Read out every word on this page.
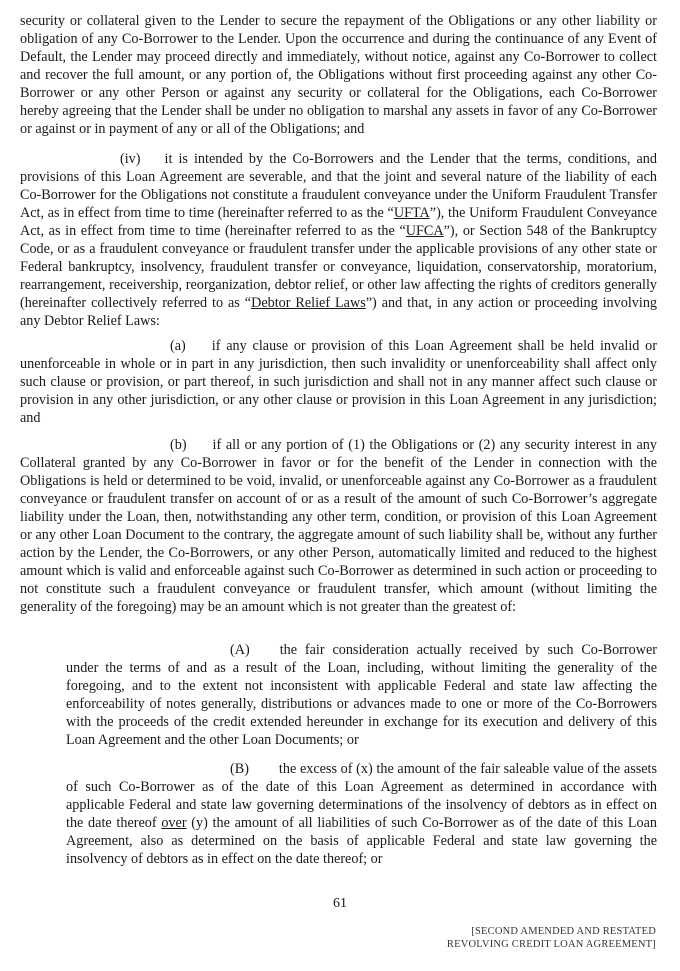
security or collateral given to the Lender to secure the repayment of the Obligations or any other liability or obligation of any Co-Borrower to the Lender. Upon the occurrence and during the continuance of any Event of Default, the Lender may proceed directly and immediately, without notice, against any Co-Borrower to collect and recover the full amount, or any portion of, the Obligations without first proceeding against any other Co-Borrower or any other Person or against any security or collateral for the Obligations, each Co-Borrower hereby agreeing that the Lender shall be under no obligation to marshal any assets in favor of any Co-Borrower or against or in payment of any or all of the Obligations; and

(iv) it is intended by the Co-Borrowers and the Lender that the terms, conditions, and provisions of this Loan Agreement are severable, and that the joint and several nature of the liability of each Co-Borrower for the Obligations not constitute a fraudulent conveyance under the Uniform Fraudulent Transfer Act, as in effect from time to time (hereinafter referred to as the “UFTA”), the Uniform Fraudulent Conveyance Act, as in effect from time to time (hereinafter referred to as the “UFCA”), or Section 548 of the Bankruptcy Code, or as a fraudulent conveyance or fraudulent transfer under the applicable provisions of any other state or Federal bankruptcy, insolvency, fraudulent transfer or conveyance, liquidation, conservatorship, moratorium, rearrangement, receivership, reorganization, debtor relief, or other law affecting the rights of creditors generally (hereinafter collectively referred to as “Debtor Relief Laws”) and that, in any action or proceeding involving any Debtor Relief Laws:

(a) if any clause or provision of this Loan Agreement shall be held invalid or unenforceable in whole or in part in any jurisdiction, then such invalidity or unenforceability shall affect only such clause or provision, or part thereof, in such jurisdiction and shall not in any manner affect such clause or provision in any other jurisdiction, or any other clause or provision in this Loan Agreement in any jurisdiction; and

(b) if all or any portion of (1) the Obligations or (2) any security interest in any Collateral granted by any Co-Borrower in favor or for the benefit of the Lender in connection with the Obligations is held or determined to be void, invalid, or unenforceable against any Co-Borrower as a fraudulent conveyance or fraudulent transfer on account of or as a result of the amount of such Co-Borrower’s aggregate liability under the Loan, then, notwithstanding any other term, condition, or provision of this Loan Agreement or any other Loan Document to the contrary, the aggregate amount of such liability shall be, without any further action by the Lender, the Co-Borrowers, or any other Person, automatically limited and reduced to the highest amount which is valid and enforceable against such Co-Borrower as determined in such action or proceeding to not constitute such a fraudulent conveyance or fraudulent transfer, which amount (without limiting the generality of the foregoing) may be an amount which is not greater than the greatest of:

(A) the fair consideration actually received by such Co-Borrower under the terms of and as a result of the Loan, including, without limiting the generality of the foregoing, and to the extent not inconsistent with applicable Federal and state law affecting the enforceability of notes generally, distributions or advances made to one or more of the Co-Borrowers with the proceeds of the credit extended hereunder in exchange for its execution and delivery of this Loan Agreement and the other Loan Documents; or

(B) the excess of (x) the amount of the fair saleable value of the assets of such Co-Borrower as of the date of this Loan Agreement as determined in accordance with applicable Federal and state law governing determinations of the insolvency of debtors as in effect on the date thereof over (y) the amount of all liabilities of such Co-Borrower as of the date of this Loan Agreement, also as determined on the basis of applicable Federal and state law governing the insolvency of debtors as in effect on the date thereof; or

61

[SECOND AMENDED AND RESTATED
REVOLVING CREDIT LOAN AGREEMENT]
